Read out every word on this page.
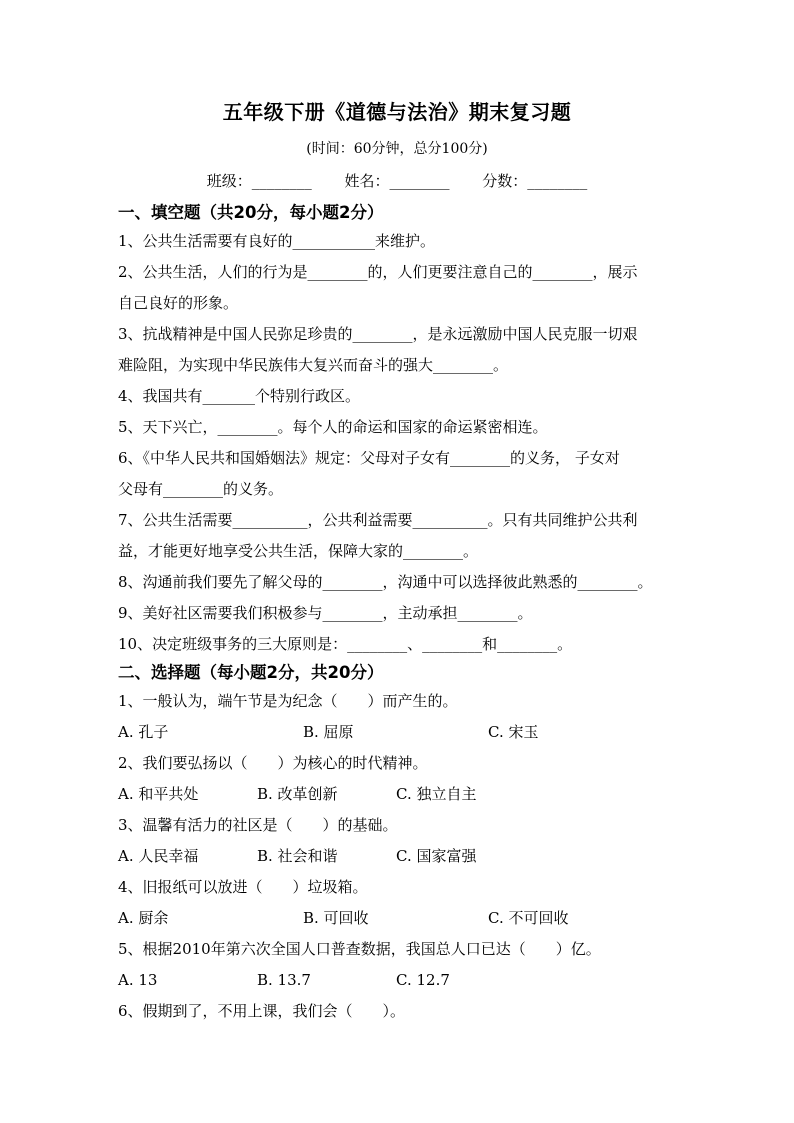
五年级下册《道德与法治》期末复习题
(时间：60分钟，总分100分)
班级：________ 姓名：________ 分数：________
一、填空题（共20分，每小题2分）
1、公共生活需要有良好的___________来维护。
2、公共生活，人们的行为是________的，人们更要注意自己的________，展示
自己良好的形象。
3、抗战精神是中国人民弥足珍贵的________，是永远激励中国人民克服一切艰
难险阻，为实现中华民族伟大复兴而奋斗的强大________。
4、我国共有_______个特别行政区。
5、天下兴亡，________。每个人的命运和国家的命运紧密相连。
6、《中华人民共和国婚姻法》规定：父母对子女有________的义务， 子女对
父母有________的义务。
7、公共生活需要__________，公共利益需要__________。只有共同维护公共利
益，才能更好地享受公共生活，保障大家的________。
8、沟通前我们要先了解父母的________，沟通中可以选择彼此熟悉的________。
9、美好社区需要我们积极参与________，主动承担________。
10、决定班级事务的三大原则是：________、________和________。
二、选择题（每小题2分，共20分）
1、一般认为，端午节是为纪念（　　）而产生的。
A. 孔子	B. 屈原	C. 宋玉
2、我们要弘扬以（　　）为核心的时代精神。
A. 和平共处	B. 改革创新	C. 独立自主
3、温馨有活力的社区是（　　）的基础。
A. 人民幸福	B. 社会和谐	C. 国家富强
4、旧报纸可以放进（　　）垃圾箱。
A. 厨余	B. 可回收	C. 不可回收
5、根据2010年第六次全国人口普查数据，我国总人口已达（　　）亿。
A. 13	B. 13.7	C. 12.7
6、假期到了，不用上课，我们会（　　）。
